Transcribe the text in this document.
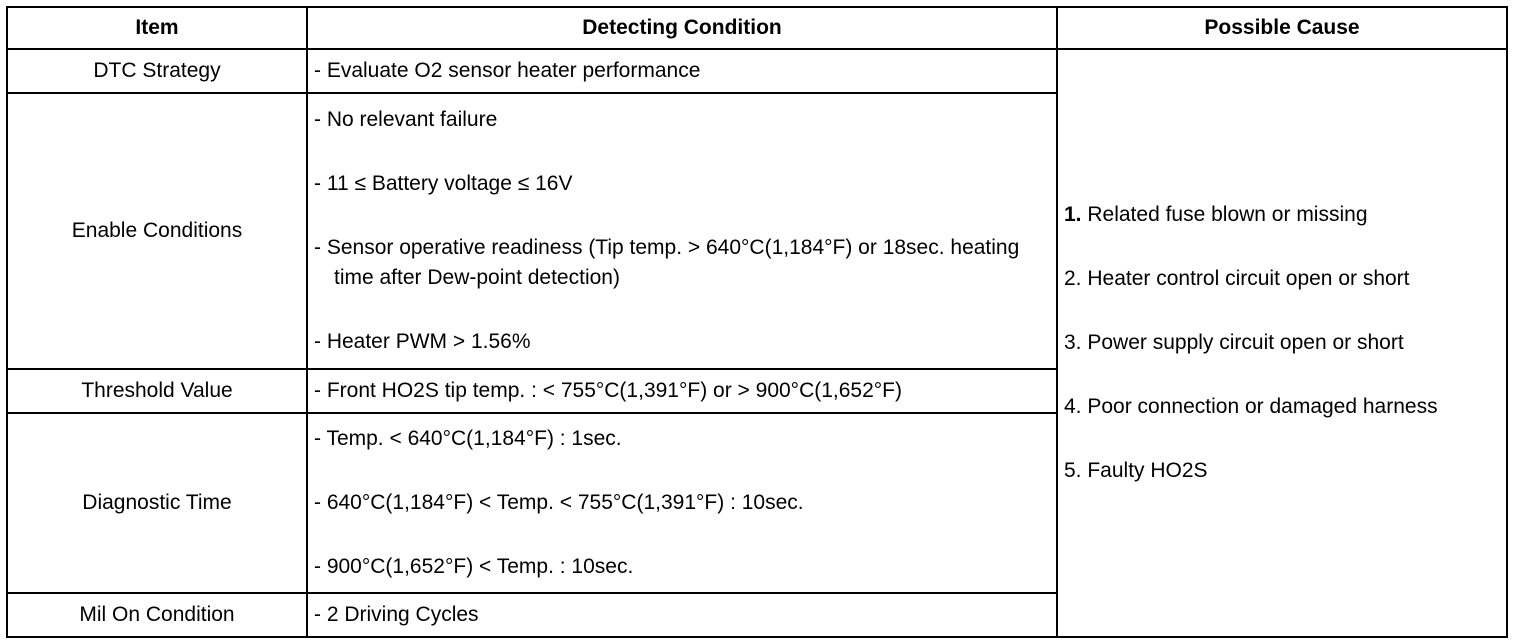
Item	Detecting Condition	Possible Cause
DTC Strategy	- Evaluate O2 sensor heater performance	1. Related fuse blown or missing
2. Heater control circuit open or short
3. Power supply circuit open or short
4. Poor connection or damaged harness
5. Faulty HO2S

Enable Conditions	- No relevant failure
- 11 ≤ Battery voltage ≤ 16V
- Sensor operative readiness (Tip temp. > 640°C(1,184°F) or 18sec. heating time after Dew-point detection)
- Heater PWM > 1.56%	

Threshold Value	- Front HO2S tip temp. : < 755°C(1,391°F) or > 900°C(1,652°F)	

Diagnostic Time	- Temp. < 640°C(1,184°F) : 1sec.
- 640°C(1,184°F) < Temp. < 755°C(1,391°F) : 10sec.
- 900°C(1,652°F) < Temp. : 10sec.	

Mil On Condition	- 2 Driving Cycles	
